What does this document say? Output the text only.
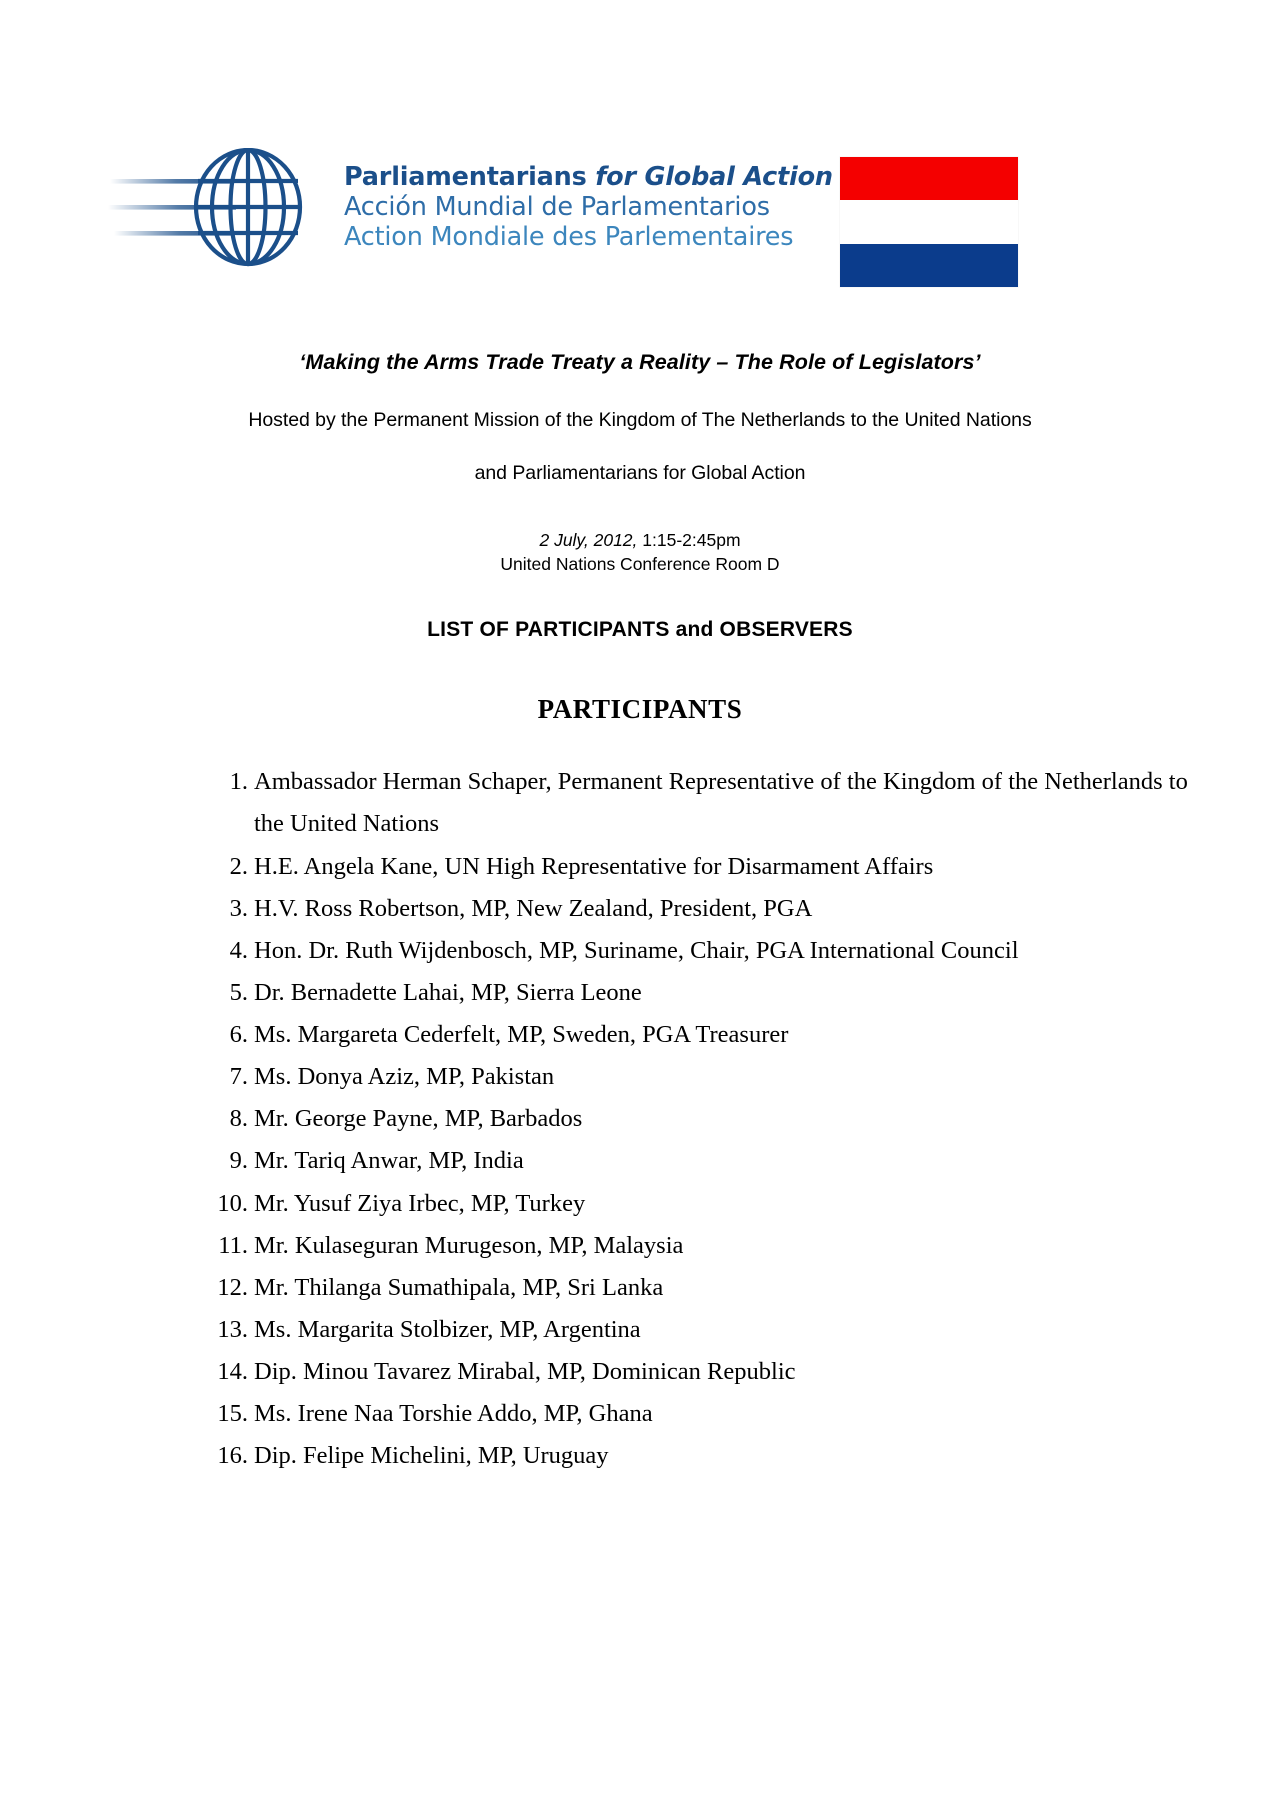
Parliamentarians for Global Action
Acción Mundial de Parlamentarios
Action Mondiale des Parlementaires

‘Making the Arms Trade Treaty a Reality – The Role of Legislators’

Hosted by the Permanent Mission of the Kingdom of The Netherlands to the United Nations

and Parliamentarians for Global Action

2 July, 2012, 1:15-2:45pm
United Nations Conference Room D

LIST OF PARTICIPANTS and OBSERVERS

PARTICIPANTS
1. Ambassador Herman Schaper, Permanent Representative of the Kingdom of the Netherlands to the United Nations
2. H.E. Angela Kane, UN High Representative for Disarmament Affairs
3. H.V. Ross Robertson, MP, New Zealand, President, PGA
4. Hon. Dr. Ruth Wijdenbosch, MP, Suriname, Chair, PGA International Council
5. Dr. Bernadette Lahai, MP, Sierra Leone
6. Ms. Margareta Cederfelt, MP, Sweden, PGA Treasurer
7. Ms. Donya Aziz, MP, Pakistan
8. Mr. George Payne, MP, Barbados
9. Mr. Tariq Anwar, MP, India
10. Mr. Yusuf Ziya Irbec, MP, Turkey
11. Mr. Kulaseguran Murugeson, MP, Malaysia
12. Mr. Thilanga Sumathipala, MP, Sri Lanka
13. Ms. Margarita Stolbizer, MP, Argentina
14. Dip. Minou Tavarez Mirabal, MP, Dominican Republic
15. Ms. Irene Naa Torshie Addo, MP, Ghana
16. Dip. Felipe Michelini, MP, Uruguay
